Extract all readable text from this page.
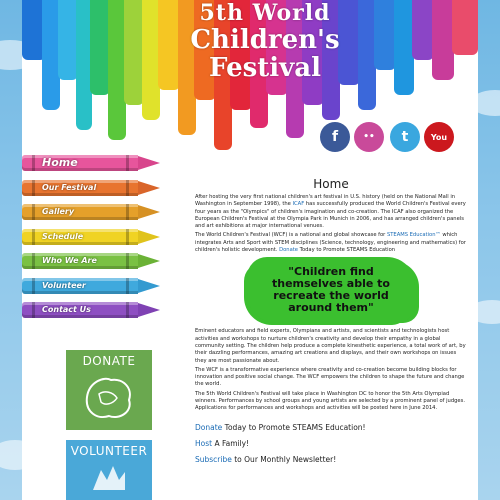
5th World
Children's
Festival
f	••	t	You
Home
Our Festival
Gallery
Schedule
Who We Are
Volunteer
Contact Us
DONATE
VOLUNTEER
Home

After hosting the very first national children's art festival in U.S. history (held on the National Mall in Washington in September 1998), the ICAF has successfully produced the World Children's Festival every four years as the "Olympics" of children's imagination and co-creation. The ICAF also organized the European Children's Festival at the Olympia Park in Munich in 2006, and has arranged children's panels and art exhibitions at major international venues.

The World Children's Festival (WCF) is a national and global showcase for STEAMS Education™ which integrates Arts and Sport with STEM disciplines (Science, technology, engineering and mathematics) for children's holistic development. Donate Today to Promote STEAMS Education

"Children find themselves able to recreate the world around them"

Eminent educators and field experts, Olympians and artists, and scientists and technologists host activities and workshops to nurture children's creativity and develop their empathy in a global community setting. The children help produce a complete kinesthetic experience, a total work of art, by their dazzling performances, amazing art creations and displays, and their own workshops on issues they are most passionate about.

The WCF is a transformative experience where creativity and co-creation become building blocks for innovation and positive social change. The WCF empowers the children to shape the future and change the world.

The 5th World Children's Festival will take place in Washington DC to honor the 5th Arts Olympiad winners. Performances by school groups and young artists are selected by a prominent panel of judges. Applications for performances and workshops and activities will be posted here in June 2014.

Donate Today to Promote STEAMS Education!
Host A Family!
Subscribe to Our Monthly Newsletter!
